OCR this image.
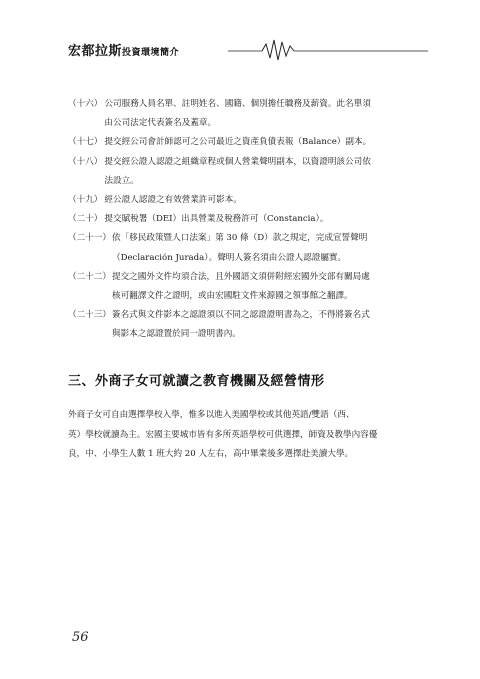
宏都拉斯投資環境簡介
（十六） 公司服務人員名單、註明姓名、國籍、個別擔任職務及薪資。此名單須
由公司法定代表簽名及蓋章。
（十七） 提交經公司會計師認可之公司最近之資產負債表報（Balance）副本。
（十八） 提交經公證人認證之組織章程或個人營業聲明副本，以資證明該公司依
法設立。
（十九） 經公證人認證之有效營業許可影本。
（二十） 提交賦稅署（DEI）出具營業及稅務許可（Constancia）。
（二十一） 依「移民政策暨人口法案」第 30 條（D）款之規定，完成宣誓聲明
（Declaración Jurada）。聲明人簽名須由公證人認證屬實。
（二十二） 提交之國外文件均須合法，且外國語文須併附經宏國外交部有關局處
核可翻譯文件之證明，或由宏國駐文件來源國之領事館之翻譯。
（二十三） 簽名式與文件影本之認證須以不同之認證證明書為之，不得將簽名式
與影本之認證置於同一證明書內。
三、外商子女可就讀之教育機關及經營情形
外商子女可自由選擇學校入學，惟多以進入美國學校或其他英語/雙語（西、
英）學校就讀為主。宏國主要城市皆有多所英語學校可供選擇，師資及教學內容優
良，中、小學生人數 1 班大約 20 人左右，高中畢業後多選擇赴美讀大學。
56
